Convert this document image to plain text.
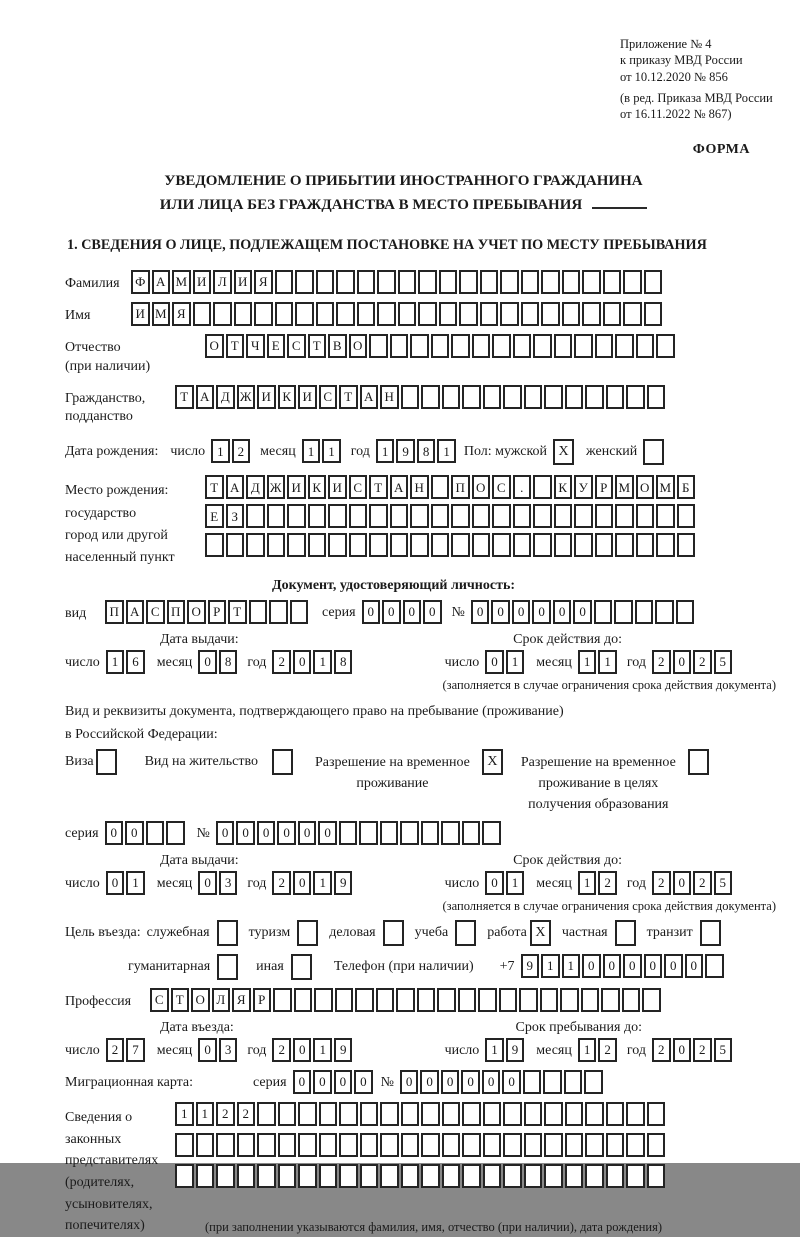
Приложение № 4
к приказу МВД России
от 10.12.2020 № 856
(в ред. Приказа МВД России
от 16.11.2022 № 867)
ФОРМА
УВЕДОМЛЕНИЕ О ПРИБЫТИИ ИНОСТРАННОГО ГРАЖДАНИНА
ИЛИ ЛИЦА БЕЗ ГРАЖДАНСТВА В МЕСТО ПРЕБЫВАНИЯ
1. СВЕДЕНИЯ О ЛИЦЕ, ПОДЛЕЖАЩЕМ ПОСТАНОВКЕ НА УЧЕТ ПО МЕСТУ ПРЕБЫВАНИЯ
Фамилия	Ф А М И Л И Я
Имя	И М Я
Отчество
(при наличии)
О Т Ч Е С Т В О
Гражданство,
подданство
Т А Д Ж И К И С Т А Н
Дата рождения: число 1	2	месяц 1	1	год 1	9	8	1	Пол: мужской X	женский
Место рождения:
государство
город или другой
населенный пункт
Т А Д Ж И К И С Т А Н	П О С	.	К У Р М О М Б
Е	З
Документ, удостоверяющий личность:
вид	П А С П О Р Т	серия 0	0	0	0	№ 0	0	0	0	0	0
Дата выдачи:	Срок действия до:
число 1	6	месяц 0	8	год 2	0	1	8	число 0	1	месяц 1	1	год 2	0	2	5
(заполняется в случае ограничения срока действия документа)
Вид и реквизиты документа, подтверждающего право на пребывание (проживание)
в Российской Федерации:
Виза	Вид на жительство	Разрешение на временное
проживание
X	Разрешение на временное
проживание в целях
получения образования
серия 0	0	№ 0	0	0	0	0	0
Дата выдачи:	Срок действия до:
число 0	1	месяц 0	3	год 2	0	1	9	число 0	1	месяц 1	2	год 2	0	2	5
(заполняется в случае ограничения срока действия документа)
Цель въезда: служебная	туризм	деловая	учеба	работа X	частная	транзит
гуманитарная	иная	Телефон (при наличии)	+7 9	1	1	0	0	0	0	0	0
Профессия	С Т О Л Я Р
Дата въезда:	Срок пребывания до:
число 2	7	месяц 0	3	год 2	0	1	9	число 1	9	месяц 1	2	год 2	0	2	5
Миграционная карта:	серия 0	0	0	0	№ 0	0	0	0	0	0
Сведения о
законных
представителях
(родителях,
усыновителях,
попечителях)
1	1	2	2
(при заполнении указываются фамилия, имя, отчество (при наличии), дата рождения)
